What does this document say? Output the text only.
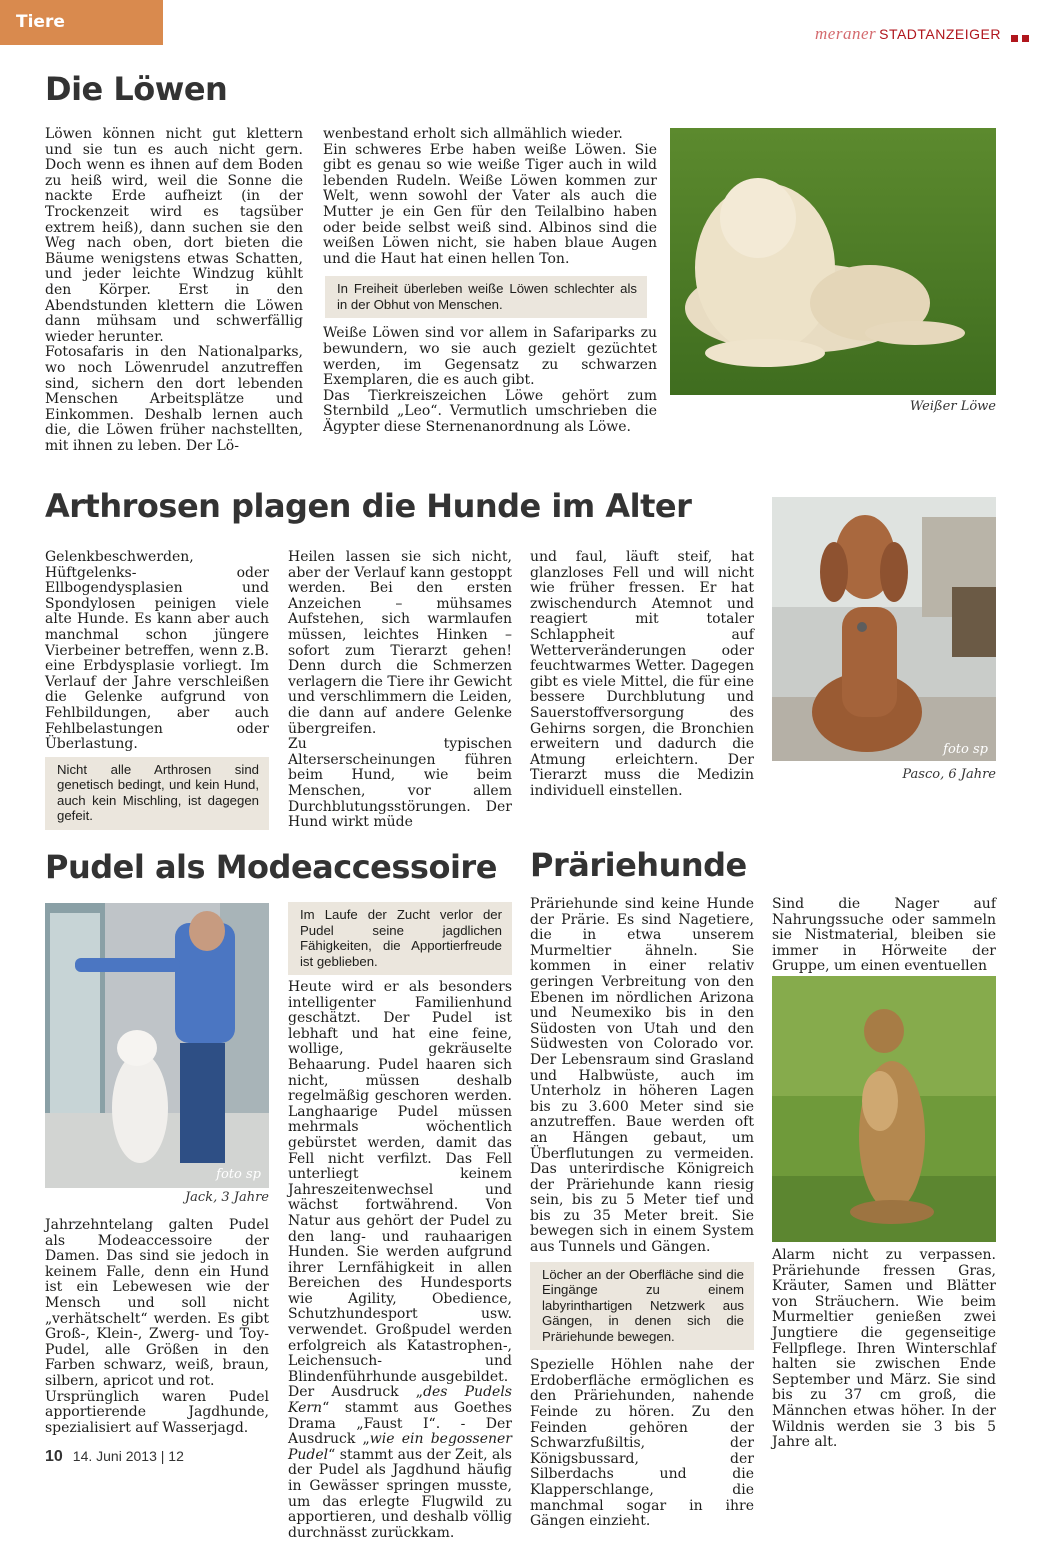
Tiere
meraner STADTANZEIGER
Die Löwen

Löwen können nicht gut klettern und sie tun es auch nicht gern. Doch wenn es ihnen auf dem Boden zu heiß wird, weil die Sonne die nackte Erde aufheizt (in der Trockenzeit wird es tagsüber extrem heiß), dann suchen sie den Weg nach oben, dort bieten die Bäume wenigstens etwas Schatten, und jeder leichte Windzug kühlt den Körper. Erst in den Abendstunden klettern die Löwen dann mühsam und schwerfällig wieder herunter.

Fotosafaris in den Nationalparks, wo noch Löwenrudel anzutreffen sind, sichern den dort lebenden Menschen Arbeitsplätze und Einkommen. Deshalb lernen auch die, die Löwen früher nachstellten, mit ihnen zu leben. Der Lö-

wenbestand erholt sich allmählich wieder.

Ein schweres Erbe haben weiße Löwen. Sie gibt es genau so wie weiße Tiger auch in wild lebenden Rudeln. Weiße Löwen kommen zur Welt, wenn sowohl der Vater als auch die Mutter je ein Gen für den Teilalbino haben oder beide selbst weiß sind. Albinos sind die weißen Löwen nicht, sie haben blaue Augen und die Haut hat einen hellen Ton.

In Freiheit überleben weiße Löwen schlechter als in der Obhut von Menschen.

Weiße Löwen sind vor allem in Safariparks zu bewundern, wo sie auch gezielt gezüchtet werden, im Gegensatz zu schwarzen Exemplaren, die es auch gibt.

Das Tierkreiszeichen Löwe gehört zum Sternbild „Leo“. Vermutlich umschrieben die Ägypter diese Sternenanordnung als Löwe.

Weißer Löwe
Arthrosen plagen die Hunde im Alter

Gelenkbeschwerden, Hüftgelenks- oder Ellbogendysplasien und Spondylosen peinigen viele alte Hunde. Es kann aber auch manchmal schon jüngere Vierbeiner betreffen, wenn z.B. eine Erbdysplasie vorliegt. Im Verlauf der Jahre verschleißen die Gelenke aufgrund von Fehlbildungen, aber auch Fehlbelastungen oder Überlastung.

Nicht alle Arthrosen sind genetisch bedingt, und kein Hund, auch kein Mischling, ist dagegen gefeit.

Heilen lassen sie sich nicht, aber der Verlauf kann gestoppt werden. Bei den ersten Anzeichen – mühsames Aufstehen, sich warmlaufen müssen, leichtes Hinken – sofort zum Tierarzt gehen! Denn durch die Schmerzen verlagern die Tiere ihr Gewicht und verschlimmern die Leiden, die dann auf andere Gelenke übergreifen.

Zu typischen Alterserscheinungen führen beim Hund, wie beim Menschen, vor allem Durchblutungsstörungen. Der Hund wirkt müde

und faul, läuft steif, hat glanzloses Fell und will nicht wie früher fressen. Er hat zwischendurch Atemnot und reagiert mit totaler Schlappheit auf Wetterveränderungen oder feuchtwarmes Wetter. Dagegen gibt es viele Mittel, die für eine bessere Durchblutung und Sauerstoffversorgung des Gehirns sorgen, die Bronchien erweitern und dadurch die Atmung erleichtern. Der Tierarzt muss die Medizin individuell einstellen.

foto sp
Pasco, 6 Jahre
Pudel als Modeaccessoire
foto sp
Jack, 3 Jahre

Jahrzehntelang galten Pudel als Modeaccessoire der Damen. Das sind sie jedoch in keinem Falle, denn ein Hund ist ein Lebewesen wie der Mensch und soll nicht „verhätschelt“ werden. Es gibt Groß-, Klein-, Zwerg- und Toy-Pudel, alle Größen in den Farben schwarz, weiß, braun, silbern, apricot und rot.

Ursprünglich waren Pudel apportierende Jagdhunde, spezialisiert auf Wasserjagd.

Im Laufe der Zucht verlor der Pudel seine jagdlichen Fähigkeiten, die Apportierfreude ist geblieben.

Heute wird er als besonders intelligenter Familienhund geschätzt. Der Pudel ist lebhaft und hat eine feine, wollige, gekräuselte Behaarung. Pudel haaren sich nicht, müssen deshalb regelmäßig geschoren werden. Langhaarige Pudel müssen mehrmals wöchentlich gebürstet werden, damit das Fell nicht verfilzt. Das Fell unterliegt keinem Jahreszeitenwechsel und wächst fortwährend. Von Natur aus gehört der Pudel zu den lang- und rauhaarigen Hunden. Sie werden aufgrund ihrer Lernfähigkeit in allen Bereichen des Hundesports wie Agility, Obedience, Schutzhundesport usw. verwendet. Großpudel werden erfolgreich als Katastrophen-, Leichensuch- und Blindenführhunde ausgebildet.

Der Ausdruck „des Pudels Kern“ stammt aus Goethes Drama „Faust I“. - Der Ausdruck „wie ein begossener Pudel“ stammt aus der Zeit, als der Pudel als Jagdhund häufig in Gewässer springen musste, um das erlegte Flugwild zu apportieren, und deshalb völlig durchnässt zurückkam.

Präriehunde

Präriehunde sind keine Hunde der Prärie. Es sind Nagetiere, die in etwa unserem Murmeltier ähneln. Sie kommen in einer relativ geringen Verbreitung von den Ebenen im nördlichen Arizona und Neumexiko bis in den Südosten von Utah und den Südwesten von Colorado vor. Der Lebensraum sind Grasland und Halbwüste, auch im Unterholz in höheren Lagen bis zu 3.600 Meter sind sie anzutreffen. Baue werden oft an Hängen gebaut, um Überflutungen zu vermeiden. Das unterirdische Königreich der Präriehunde kann riesig sein, bis zu 5 Meter tief und bis zu 35 Meter breit. Sie bewegen sich in einem System aus Tunnels und Gängen.

Löcher an der Oberfläche sind die Eingänge zu einem labyrinthartigen Netzwerk aus Gängen, in denen sich die Präriehunde bewegen.

Spezielle Höhlen nahe der Erdoberfläche ermöglichen es den Präriehunden, nahende Feinde zu hören. Zu den Feinden gehören der Schwarzfußiltis, der Königsbussard, der Silberdachs und die Klapperschlange, die manchmal sogar in ihre Gängen einzieht.

Sind die Nager auf Nahrungssuche oder sammeln sie Nistmaterial, bleiben sie immer in Hörweite der Gruppe, um einen eventuellen

Alarm nicht zu verpassen. Präriehunde fressen Gras, Kräuter, Samen und Blätter von Sträuchern. Wie beim Murmeltier genießen zwei Jungtiere die gegenseitige Fellpflege. Ihren Winterschlaf halten sie zwischen Ende September und März. Sie sind bis zu 37 cm groß, die Männchen etwas höher. In der Wildnis werden sie 3 bis 5 Jahre alt.

10 14. Juni 2013 | 12
